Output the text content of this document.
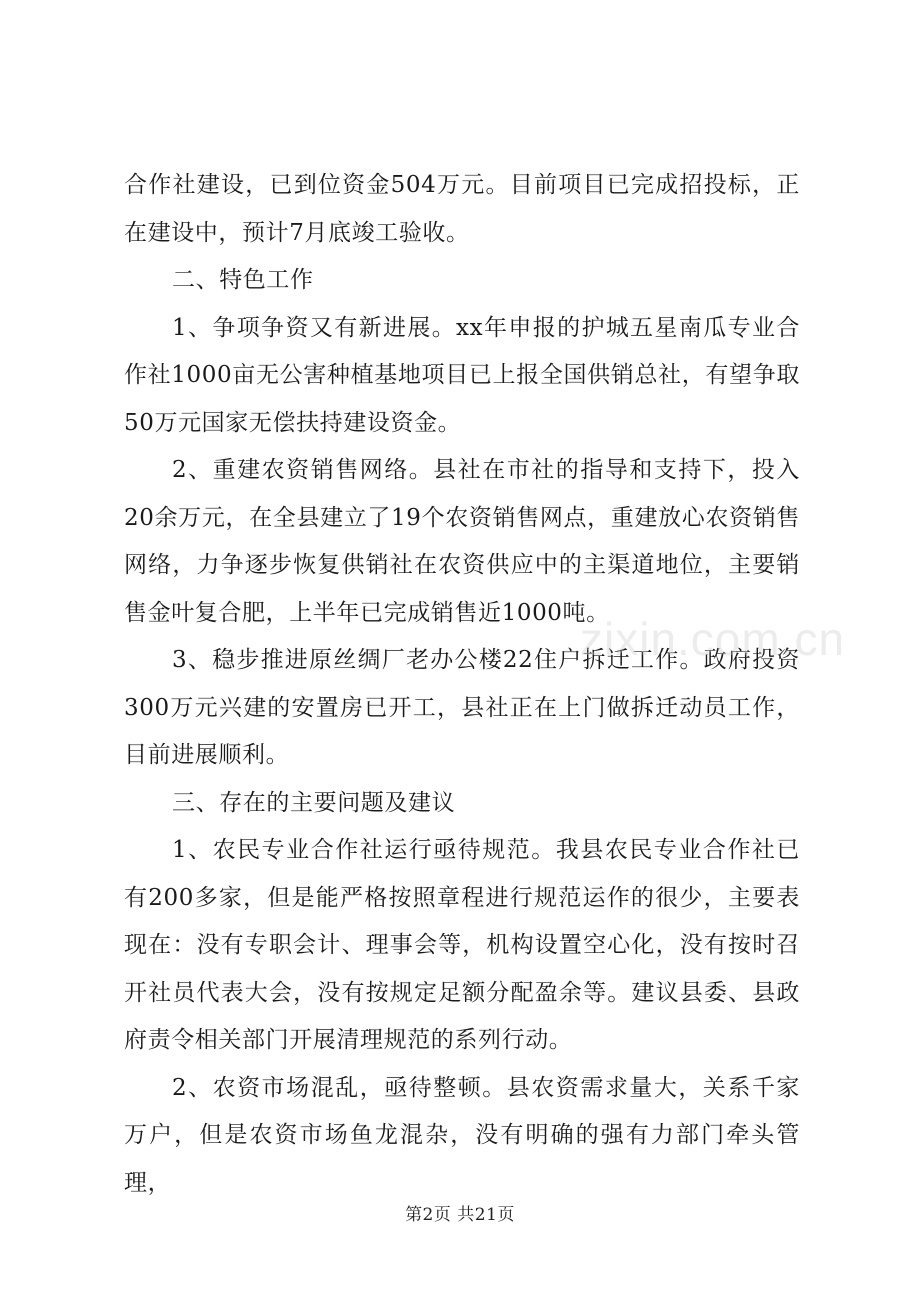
合作社建设，已到位资金504万元。目前项目已完成招投标，正在建设中，预计7月底竣工验收。

二、特色工作

1、争项争资又有新进展。xx年申报的护城五星南瓜专业合作社1000亩无公害种植基地项目已上报全国供销总社，有望争取50万元国家无偿扶持建设资金。

2、重建农资销售网络。县社在市社的指导和支持下，投入20余万元，在全县建立了19个农资销售网点，重建放心农资销售网络，力争逐步恢复供销社在农资供应中的主渠道地位，主要销售金叶复合肥，上半年已完成销售近1000吨。

3、稳步推进原丝绸厂老办公楼22住户拆迁工作。政府投资300万元兴建的安置房已开工，县社正在上门做拆迁动员工作，目前进展顺利。

三、存在的主要问题及建议

1、农民专业合作社运行亟待规范。我县农民专业合作社已有200多家，但是能严格按照章程进行规范运作的很少，主要表现在：没有专职会计、理事会等，机构设置空心化，没有按时召开社员代表大会，没有按规定足额分配盈余等。建议县委、县政府责令相关部门开展清理规范的系列行动。

2、农资市场混乱，亟待整顿。县农资需求量大，关系千家万户，但是农资市场鱼龙混杂，没有明确的强有力部门牵头管理，

zixin.com.cn
第2页 共21页
